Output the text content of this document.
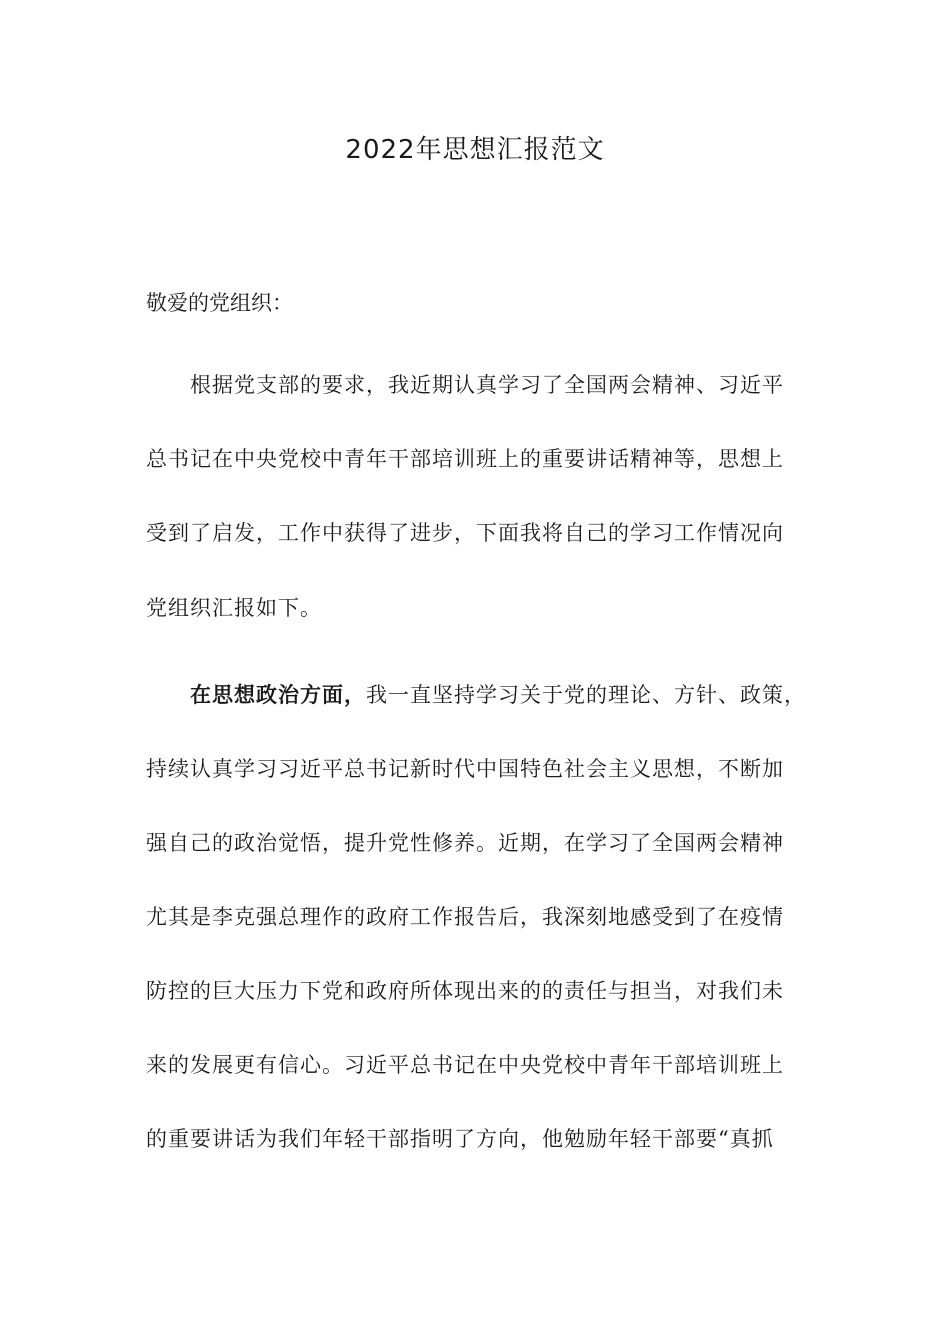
2022年思想汇报范文

敬爱的党组织：

根据党支部的要求，我近期认真学习了全国两会精神、习近平

总书记在中央党校中青年干部培训班上的重要讲话精神等，思想上

受到了启发，工作中获得了进步，下面我将自己的学习工作情况向

党组织汇报如下。

在思想政治方面，我一直坚持学习关于党的理论、方针、政策，

持续认真学习习近平总书记新时代中国特色社会主义思想，不断加

强自己的政治觉悟，提升党性修养。近期，在学习了全国两会精神

尤其是李克强总理作的政府工作报告后，我深刻地感受到了在疫情

防控的巨大压力下党和政府所体现出来的的责任与担当，对我们未

来的发展更有信心。习近平总书记在中央党校中青年干部培训班上

的重要讲话为我们年轻干部指明了方向，他勉励年轻干部要“真抓
